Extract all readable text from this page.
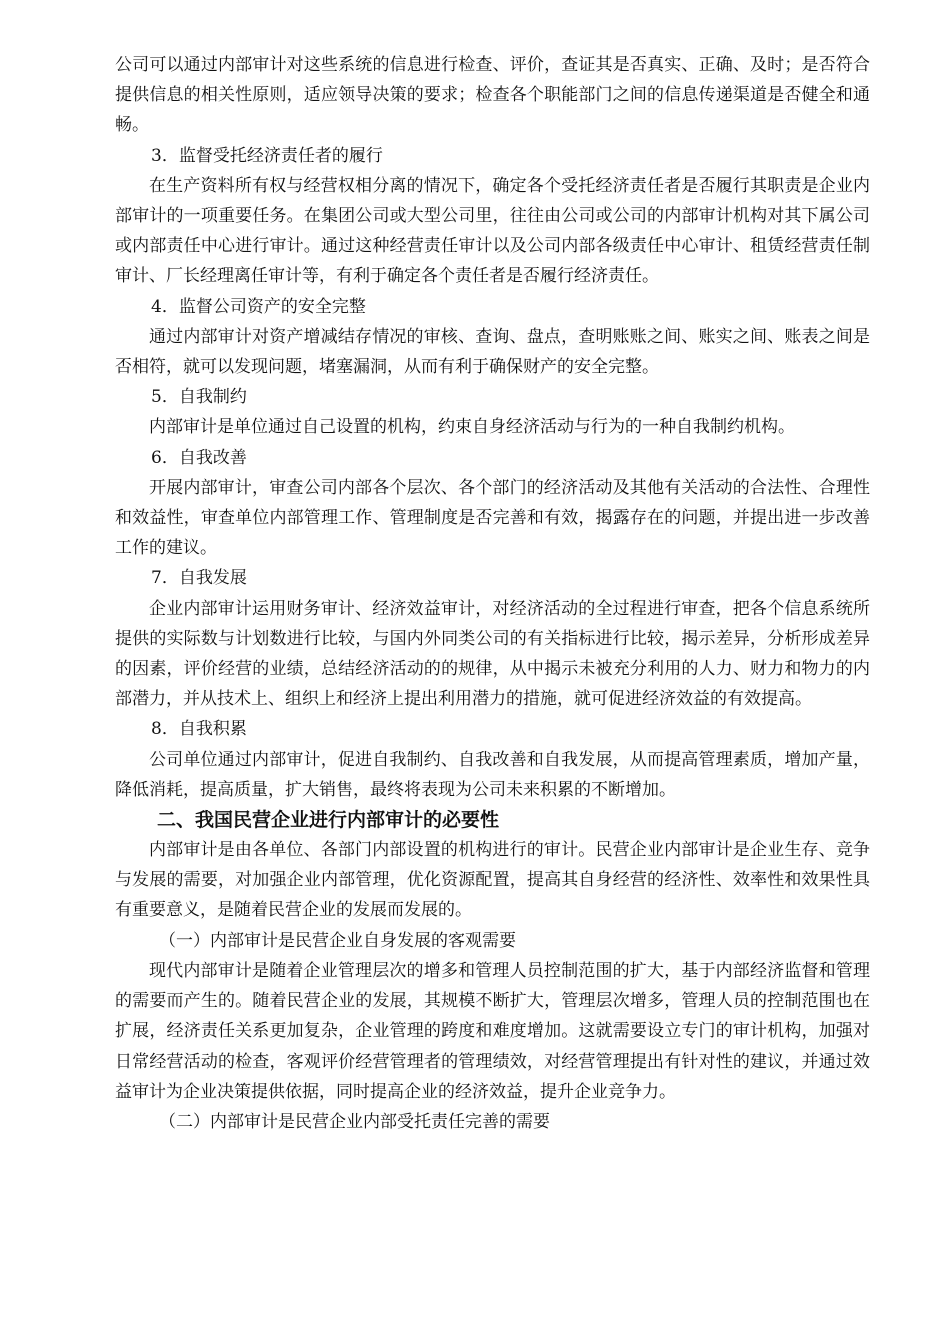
公司可以通过内部审计对这些系统的信息进行检查、评价，查证其是否真实、正确、及时；是否符合提供信息的相关性原则，适应领导决策的要求；检查各个职能部门之间的信息传递渠道是否健全和通畅。

3．监督受托经济责任者的履行

在生产资料所有权与经营权相分离的情况下，确定各个受托经济责任者是否履行其职责是企业内部审计的一项重要任务。在集团公司或大型公司里，往往由公司或公司的内部审计机构对其下属公司或内部责任中心进行审计。通过这种经营责任审计以及公司内部各级责任中心审计、租赁经营责任制审计、厂长经理离任审计等，有利于确定各个责任者是否履行经济责任。

4．监督公司资产的安全完整

通过内部审计对资产增减结存情况的审核、查询、盘点，查明账账之间、账实之间、账表之间是否相符，就可以发现问题，堵塞漏洞，从而有利于确保财产的安全完整。

5．自我制约

内部审计是单位通过自己设置的机构，约束自身经济活动与行为的一种自我制约机构。

6．自我改善

开展内部审计，审查公司内部各个层次、各个部门的经济活动及其他有关活动的合法性、合理性和效益性，审查单位内部管理工作、管理制度是否完善和有效，揭露存在的问题，并提出进一步改善工作的建议。

7．自我发展

企业内部审计运用财务审计、经济效益审计，对经济活动的全过程进行审查，把各个信息系统所提供的实际数与计划数进行比较，与国内外同类公司的有关指标进行比较，揭示差异，分析形成差异的因素，评价经营的业绩，总结经济活动的的规律，从中揭示未被充分利用的人力、财力和物力的内部潜力，并从技术上、组织上和经济上提出利用潜力的措施，就可促进经济效益的有效提高。

8．自我积累

公司单位通过内部审计，促进自我制约、自我改善和自我发展，从而提高管理素质，增加产量，降低消耗，提高质量，扩大销售，最终将表现为公司未来积累的不断增加。

二、我国民营企业进行内部审计的必要性

内部审计是由各单位、各部门内部设置的机构进行的审计。民营企业内部审计是企业生存、竞争与发展的需要，对加强企业内部管理，优化资源配置，提高其自身经营的经济性、效率性和效果性具有重要意义，是随着民营企业的发展而发展的。

（一）内部审计是民营企业自身发展的客观需要

现代内部审计是随着企业管理层次的增多和管理人员控制范围的扩大，基于内部经济监督和管理的需要而产生的。随着民营企业的发展，其规模不断扩大，管理层次增多，管理人员的控制范围也在扩展，经济责任关系更加复杂，企业管理的跨度和难度增加。这就需要设立专门的审计机构，加强对日常经营活动的检查，客观评价经营管理者的管理绩效，对经营管理提出有针对性的建议，并通过效益审计为企业决策提供依据，同时提高企业的经济效益，提升企业竞争力。

（二）内部审计是民营企业内部受托责任完善的需要
